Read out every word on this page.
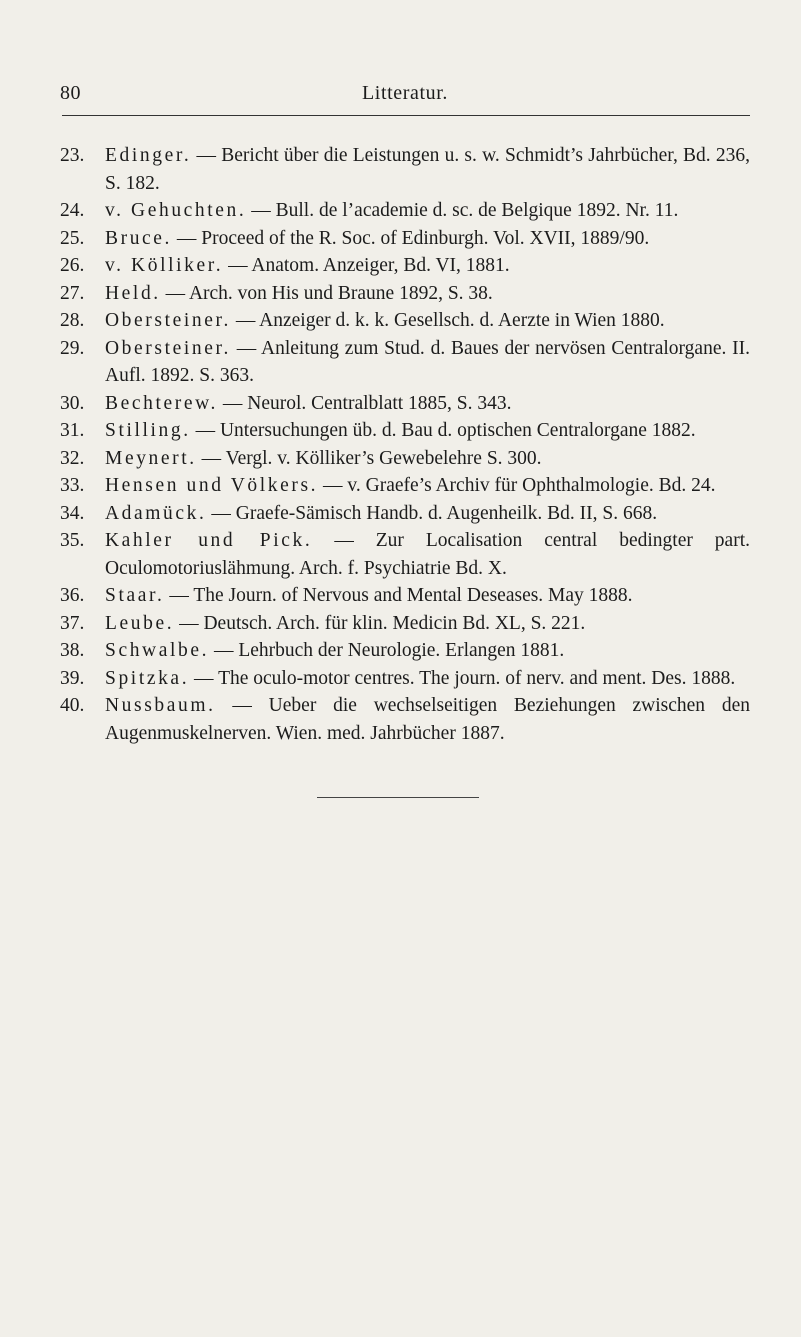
80	Litteratur.
23. Edinger. — Bericht über die Leistungen u. s. w. Schmidt’s Jahrbücher, Bd. 236, S. 182.
24. v. Gehuchten. — Bull. de l’academie d. sc. de Belgique 1892. Nr. 11.
25. Bruce. — Proceed of the R. Soc. of Edinburgh. Vol. XVII, 1889/90.
26. v. Kölliker. — Anatom. Anzeiger, Bd. VI, 1881.
27. Held. — Arch. von His und Braune 1892, S. 38.
28. Obersteiner. — Anzeiger d. k. k. Gesellsch. d. Aerzte in Wien 1880.
29. Obersteiner. — Anleitung zum Stud. d. Baues der nervösen Centralorgane. II. Aufl. 1892. S. 363.
30. Bechterew. — Neurol. Centralblatt 1885, S. 343.
31. Stilling. — Untersuchungen üb. d. Bau d. optischen Centralorgane 1882.
32. Meynert. — Vergl. v. Kölliker’s Gewebelehre S. 300.
33. Hensen und Völkers. — v. Graefe’s Archiv für Ophthalmologie. Bd. 24.
34. Adamück. — Graefe-Sämisch Handb. d. Augenheilk. Bd. II, S. 668.
35. Kahler und Pick. — Zur Localisation central bedingter part. Oculomotoriuslähmung. Arch. f. Psychiatrie Bd. X.
36. Staar. — The Journ. of Nervous and Mental Deseases. May 1888.
37. Leube. — Deutsch. Arch. für klin. Medicin Bd. XL, S. 221.
38. Schwalbe. — Lehrbuch der Neurologie. Erlangen 1881.
39. Spitzka. — The oculo-motor centres. The journ. of nerv. and ment. Des. 1888.
40. Nussbaum. — Ueber die wechselseitigen Beziehungen zwischen den Augenmuskelnerven. Wien. med. Jahrbücher 1887.
